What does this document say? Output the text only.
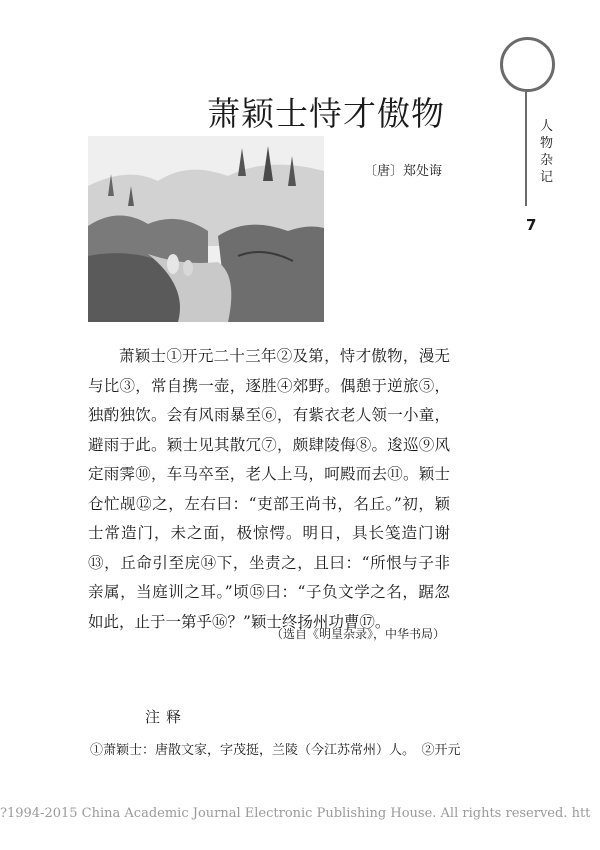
人物杂记
7
萧颖士恃才傲物
〔唐〕郑处诲

萧颖士①开元二十三年②及第，恃才傲物，漫无与比③，常自携一壶，逐胜④郊野。偶憩于逆旅⑤，独酌独饮。会有风雨暴至⑥，有紫衣老人领一小童，避雨于此。颖士见其散冗⑦，颇肆陵侮⑧。逡巡⑨风定雨霁⑩，车马卒至，老人上马，呵殿而去⑪。颖士仓忙觇⑫之，左右曰：“吏部王尚书，名丘。”初，颖士常造门，未之面，极惊愕。明日，具长笺造门谢⑬，丘命引至庑⑭下，坐责之，且曰：“所恨与子非亲属，当庭训之耳。”顷⑮曰：“子负文学之名，踞忽如此，止于一第乎⑯？”颖士终扬州功曹⑰。

（选自《明皇杂录》，中华书局）
注释
①萧颖士：唐散文家，字茂挺，兰陵（今江苏常州）人。　②开元
?1994-2015 China Academic Journal Electronic Publishing House. All rights reserved. htt
